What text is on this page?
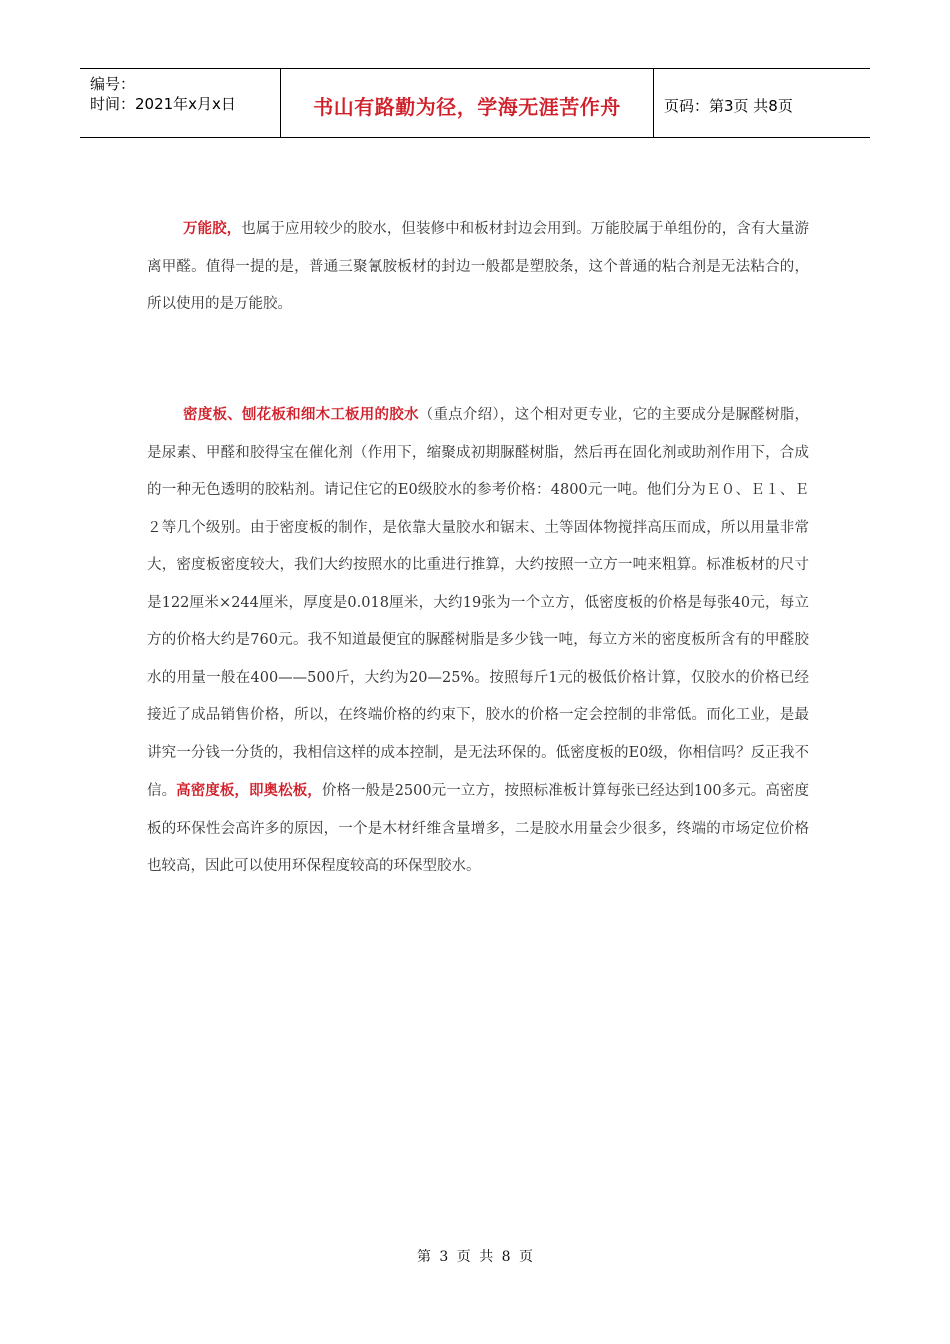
编号：
时间：2021年x月x日	书山有路勤为径，学海无涯苦作舟	页码：第3页 共8页

万能胶，也属于应用较少的胶水，但装修中和板材封边会用到。万能胶属于单组份的，含有大量游离甲醛。值得一提的是，普通三聚氰胺板材的封边一般都是塑胶条，这个普通的粘合剂是无法粘合的，所以使用的是万能胶。

密度板、刨花板和细木工板用的胶水（重点介绍），这个相对更专业，它的主要成分是脲醛树脂，是尿素、甲醛和胶得宝在催化剂（作用下，缩聚成初期脲醛树脂，然后再在固化剂或助剂作用下，合成的一种无色透明的胶粘剂。请记住它的E0级胶水的参考价格：4800元一吨。他们分为Ｅ０、Ｅ１、Ｅ２等几个级别。由于密度板的制作，是依靠大量胶水和锯末、土等固体物搅拌高压而成，所以用量非常大，密度板密度较大，我们大约按照水的比重进行推算，大约按照一立方一吨来粗算。标准板材的尺寸是122厘米×244厘米，厚度是0.018厘米，大约19张为一个立方，低密度板的价格是每张40元，每立方的价格大约是760元。我不知道最便宜的脲醛树脂是多少钱一吨，每立方米的密度板所含有的甲醛胶水的用量一般在400——500斤，大约为20—25%。按照每斤1元的极低价格计算，仅胶水的价格已经接近了成品销售价格，所以，在终端价格的约束下，胶水的价格一定会控制的非常低。而化工业，是最讲究一分钱一分货的，我相信这样的成本控制，是无法环保的。低密度板的E0级，你相信吗？反正我不信。高密度板，即奥松板，价格一般是2500元一立方，按照标准板计算每张已经达到100多元。高密度板的环保性会高许多的原因，一个是木材纤维含量增多，二是胶水用量会少很多，终端的市场定位价格也较高，因此可以使用环保程度较高的环保型胶水。

第 3 页 共 8 页
